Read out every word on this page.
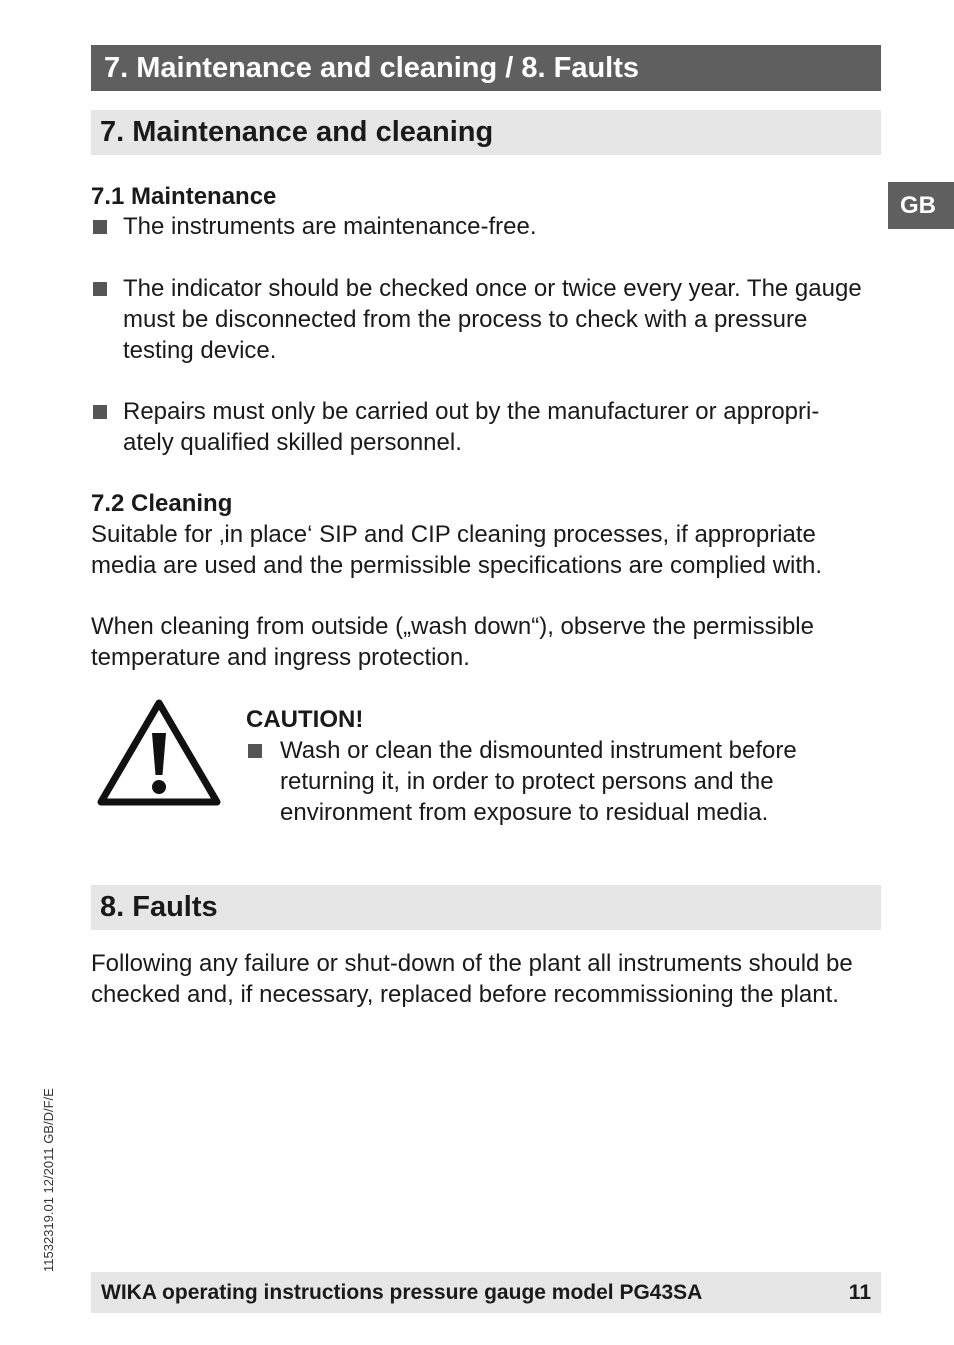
7. Maintenance and cleaning / 8. Faults
GB
7. Maintenance and cleaning
7.1 Maintenance
The instruments are maintenance-free.
The indicator should be checked once or twice every year. The gauge must be disconnected from the process to check with a pressure testing device.
Repairs must only be carried out by the manufacturer or appropri-ately qualified skilled personnel.
7.2 Cleaning
Suitable for ‚in place‘ SIP and CIP cleaning processes, if appropriate media are used and the permissible specifications are complied with.
When cleaning from outside („wash down“), observe the permissible temperature and ingress protection.
CAUTION!
Wash or clean the dismounted instrument before returning it, in order to protect persons and the environment from exposure to residual media.
8. Faults
Following any failure or shut-down of the plant all instruments should be checked and, if necessary, replaced before recommissioning the plant.
11532319.01 12/2011 GB/D/F/E
WIKA operating instructions pressure gauge model PG43SA	11
